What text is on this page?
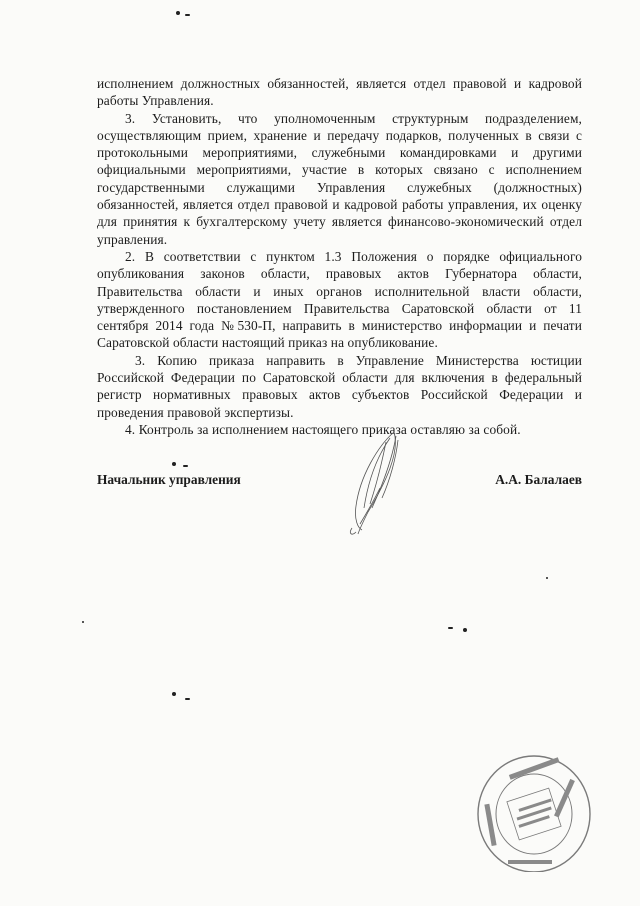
исполнением должностных обязанностей, является отдел правовой и кадровой работы Управления.

3. Установить, что уполномоченным структурным подразделением, осуществляющим прием, хранение и передачу подарков, полученных в связи с протокольными мероприятиями, служебными командировками и другими официальными мероприятиями, участие в которых связано с исполнением государственными служащими Управления служебных (должностных) обязанностей, является отдел правовой и кадровой работы управления, их оценку для принятия к бухгалтерскому учету является финансово-экономический отдел управления.

2. В соответствии с пунктом 1.3 Положения о порядке официального опубликования законов области, правовых актов Губернатора области, Правительства области и иных органов исполнительной власти области, утвержденного постановлением Правительства Саратовской области от 11 сентября 2014 года №530-П, направить в министерство информации и печати Саратовской области настоящий приказ на опубликование.

3. Копию приказа направить в Управление Министерства юстиции Российской Федерации по Саратовской области для включения в федеральный регистр нормативных правовых актов субъектов Российской Федерации и проведения правовой экспертизы.

4. Контроль за исполнением настоящего приказа оставляю за собой.

Начальник управления	А.А. Балалаев
